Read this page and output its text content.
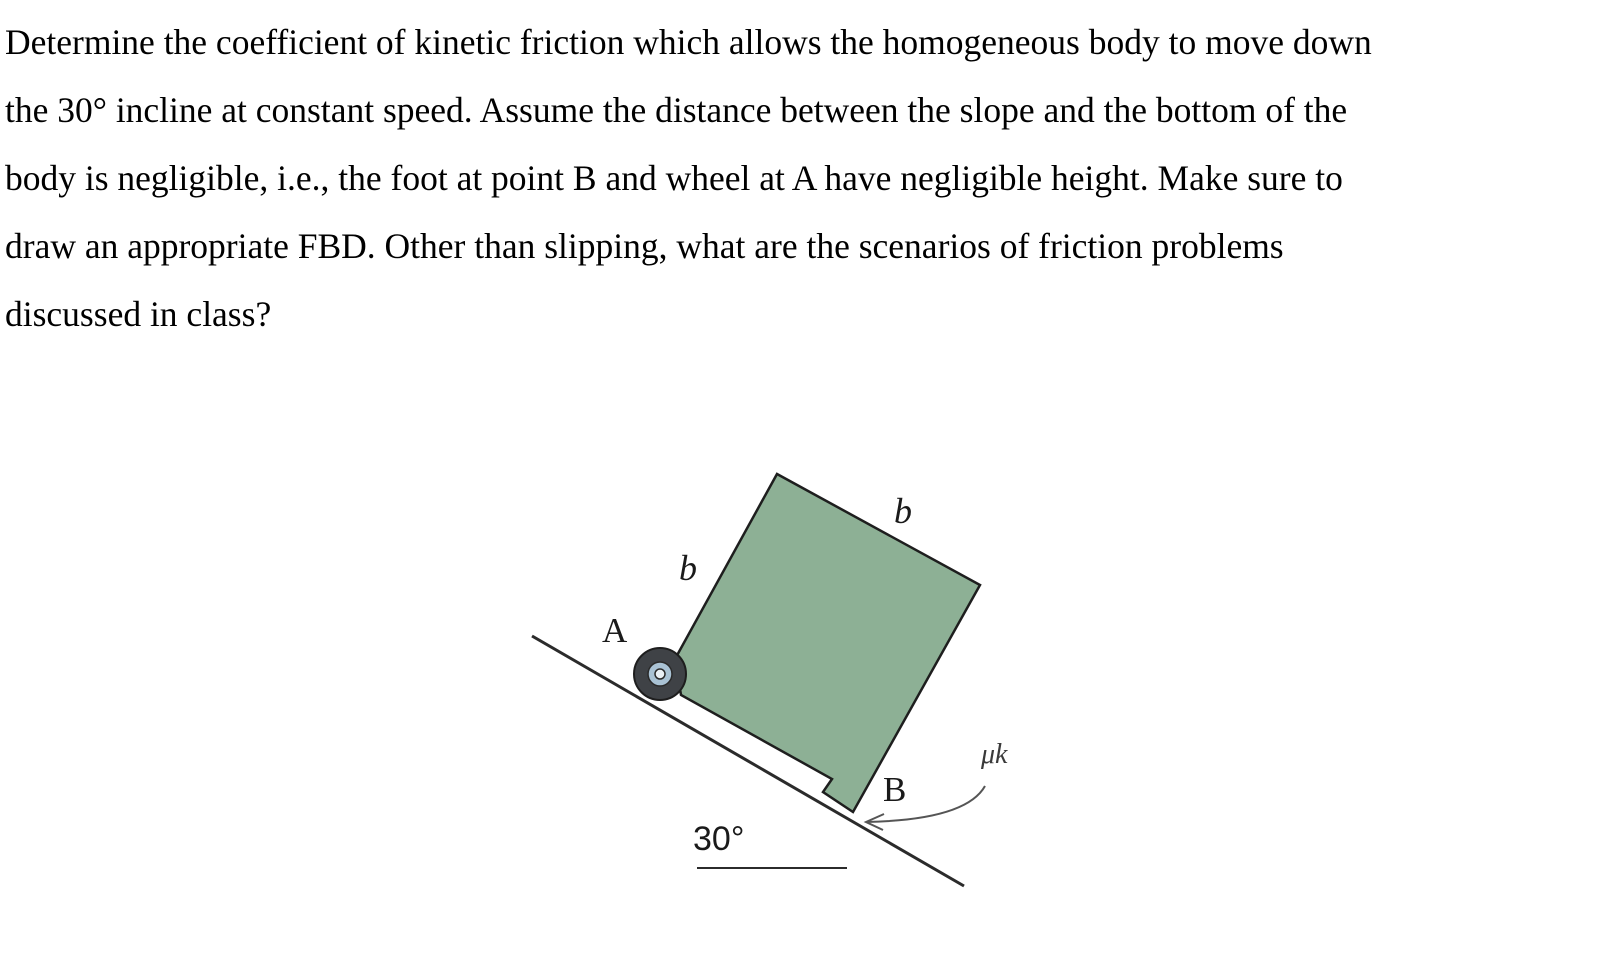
Determine the coefficient of kinetic friction which allows the homogeneous body to move down
the 30° incline at constant speed. Assume the distance between the slope and the bottom of the
body is negligible, i.e., the foot at point B and wheel at A have negligible height. Make sure to
draw an appropriate FBD. Other than slipping, what are the scenarios of friction problems
discussed in class?
A
b
b
B
μk
30°
